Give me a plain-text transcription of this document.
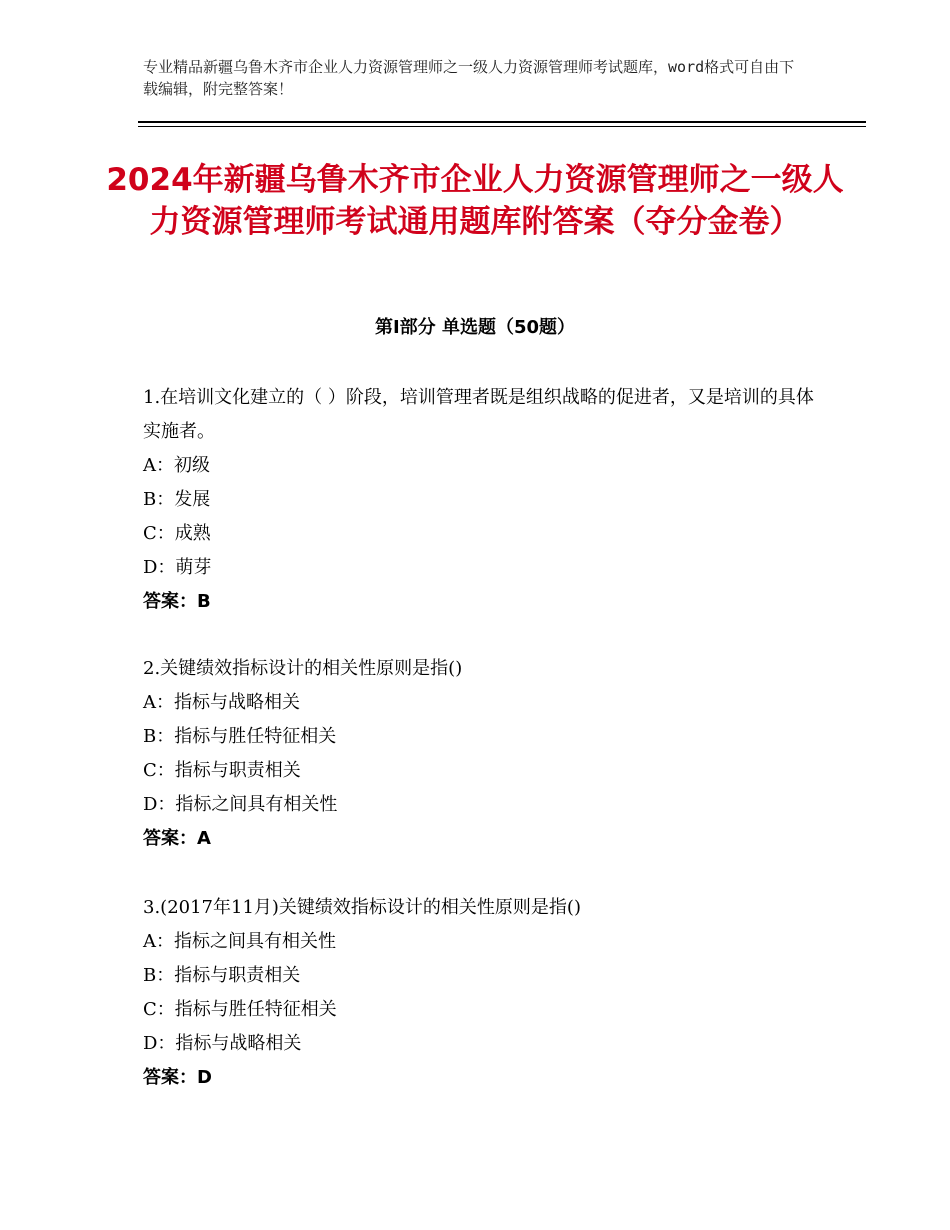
专业精品新疆乌鲁木齐市企业人力资源管理师之一级人力资源管理师考试题库，word格式可自由下载编辑，附完整答案！
2024年新疆乌鲁木齐市企业人力资源管理师之一级人力资源管理师考试通用题库附答案（夺分金卷）
第Ⅰ部分 单选题（50题）

1.在培训文化建立的（ ）阶段，培训管理者既是组织战略的促进者，又是培训的具体实施者。

A：初级

B：发展

C：成熟

D：萌芽

答案：B

2.关键绩效指标设计的相关性原则是指()

A：指标与战略相关

B：指标与胜任特征相关

C：指标与职责相关

D：指标之间具有相关性

答案：A

3.(2017年11月)关键绩效指标设计的相关性原则是指()

A：指标之间具有相关性

B：指标与职责相关

C：指标与胜任特征相关

D：指标与战略相关

答案：D
